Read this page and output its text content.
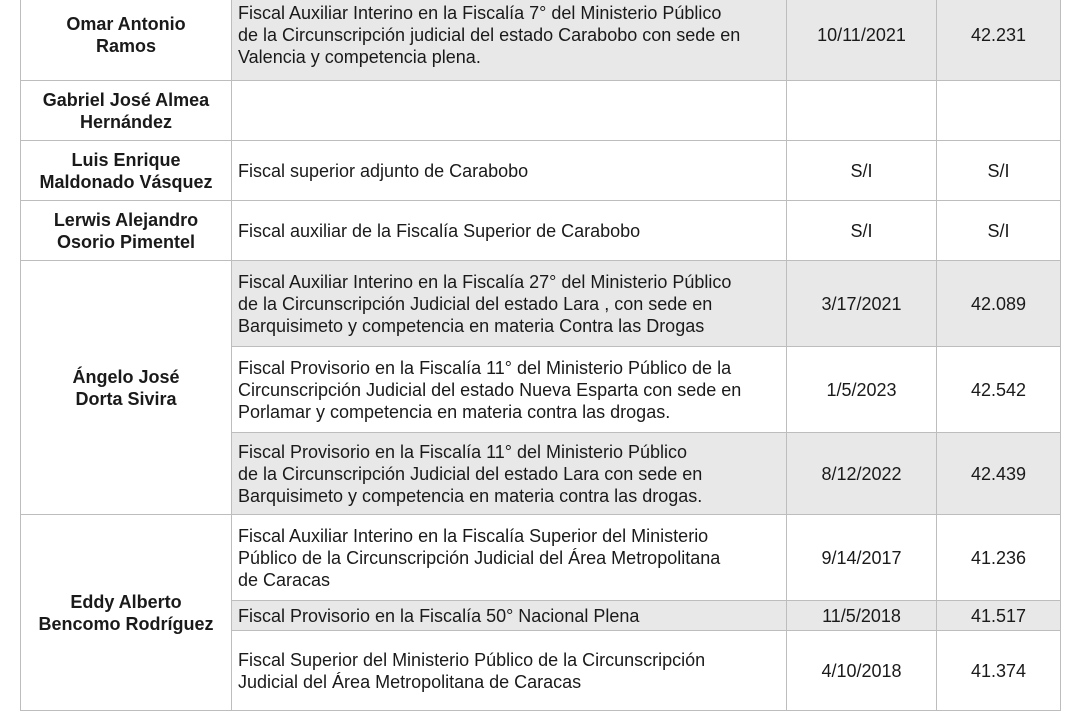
Omar Antonio
Ramos	Fiscal Auxiliar Interino en la Fiscalía 7° del Ministerio Público
de la Circunscripción judicial del estado Carabobo con sede en
Valencia y competencia plena.	10/11/2021	42.231

Gabriel José Almea
Hernández			

Luis Enrique
Maldonado Vásquez	Fiscal superior adjunto de Carabobo	S/I	S/I

Lerwis Alejandro
Osorio Pimentel	Fiscal auxiliar de la Fiscalía Superior de Carabobo	S/I	S/I

Ángelo José
Dorta Sivira	Fiscal Auxiliar Interino en la Fiscalía 27° del Ministerio Público
de la Circunscripción Judicial del estado Lara , con sede en
Barquisimeto y competencia en materia Contra las Drogas	3/17/2021	42.089

	Fiscal Provisorio en la Fiscalía 11° del Ministerio Público de la
Circunscripción Judicial del estado Nueva Esparta con sede en
Porlamar y competencia en materia contra las drogas.	1/5/2023	42.542

	Fiscal Provisorio en la Fiscalía 11° del Ministerio Público
de la Circunscripción Judicial del estado Lara con sede en
Barquisimeto y competencia en materia contra las drogas.	8/12/2022	42.439

Eddy Alberto
Bencomo Rodríguez	Fiscal Auxiliar Interino en la Fiscalía Superior del Ministerio
Público de la Circunscripción Judicial del Área Metropolitana
de Caracas	9/14/2017	41.236

	Fiscal Provisorio en la Fiscalía 50° Nacional Plena	11/5/2018	41.517

	Fiscal Superior del Ministerio Público de la Circunscripción
Judicial del Área Metropolitana de Caracas	4/10/2018	41.374
